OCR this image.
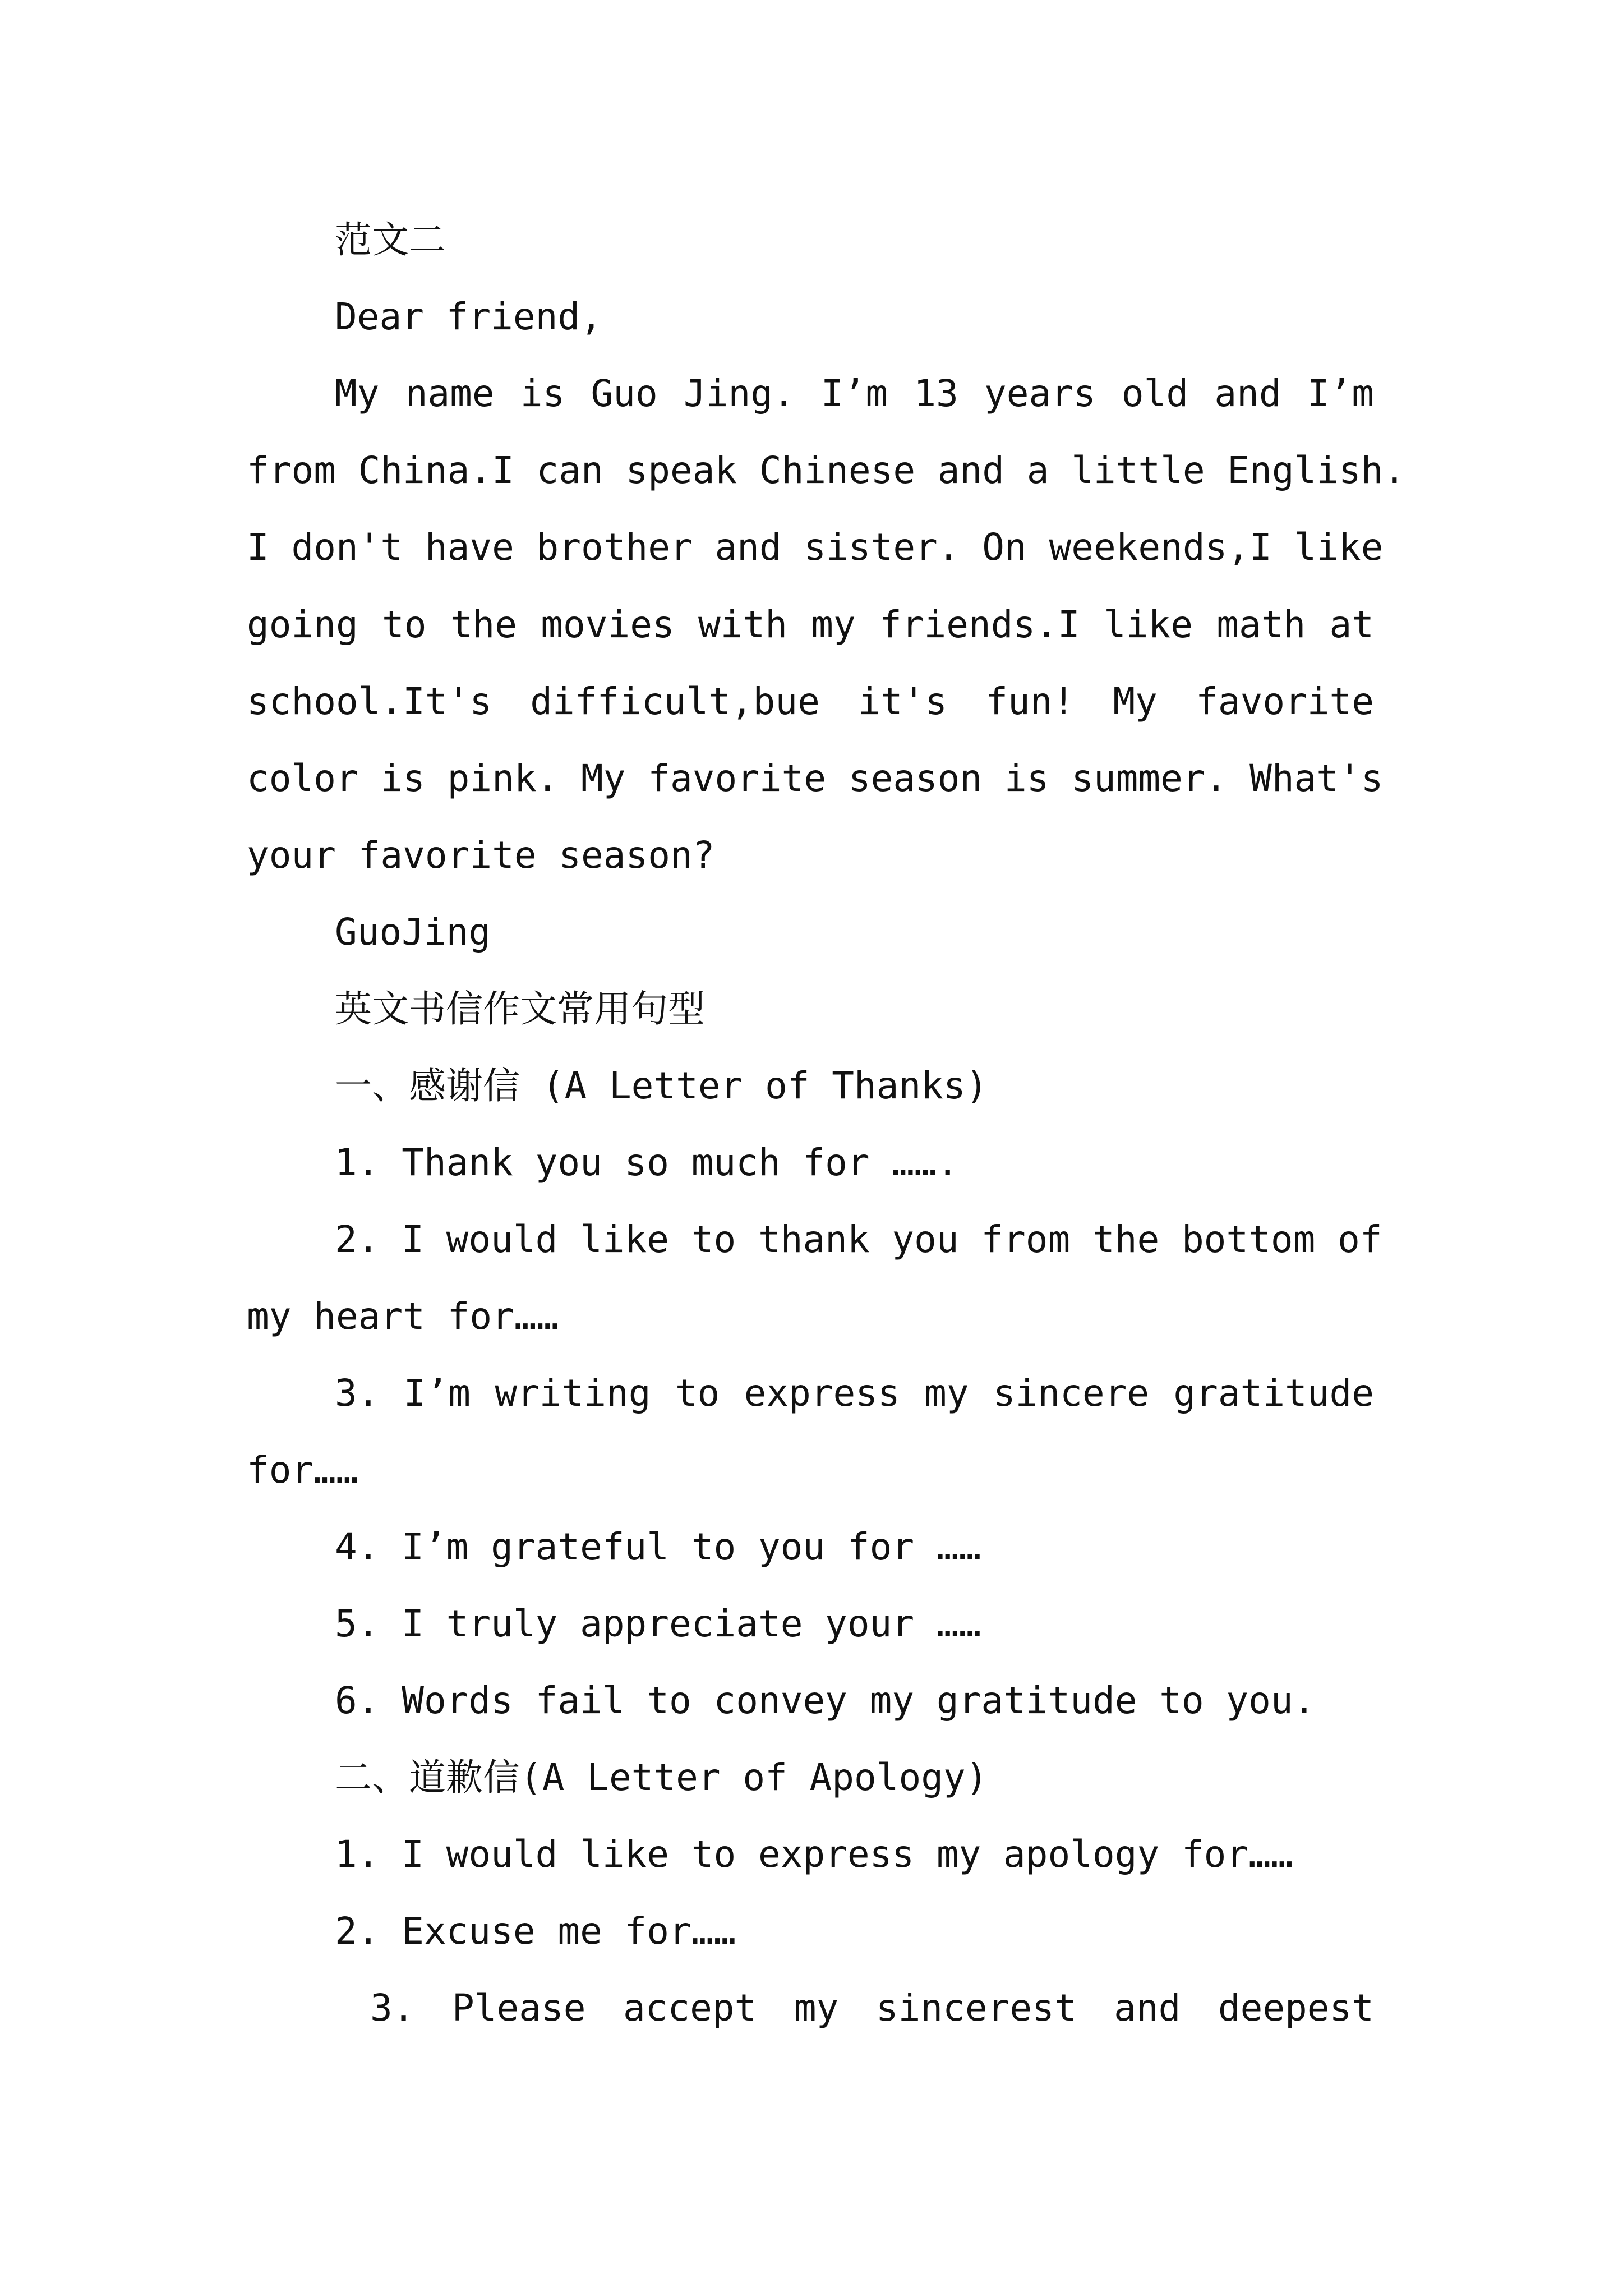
范文二

Dear friend,

My name is Guo Jing. I’m 13 years old and I’m

from China.I can speak Chinese and a little English.

I don't have brother and sister. On weekends,I like

going to the movies with my friends.I like math at

school.It's difficult,bue it's fun! My favorite

color is pink. My favorite season is summer. What's

your favorite season?

GuoJing

英文书信作文常用句型

一、感谢信 (A Letter of Thanks)

1. Thank you so much for …….

2. I would like to thank you from the bottom of

my heart for……

3. I’m writing to express my sincere gratitude

for……

4. I’m grateful to you for ……

5. I truly appreciate your ……

6. Words fail to convey my gratitude to you.

二、道歉信(A Letter of Apology)

1. I would like to express my apology for……

2. Excuse me for……

3. Please accept my sincerest and deepest
